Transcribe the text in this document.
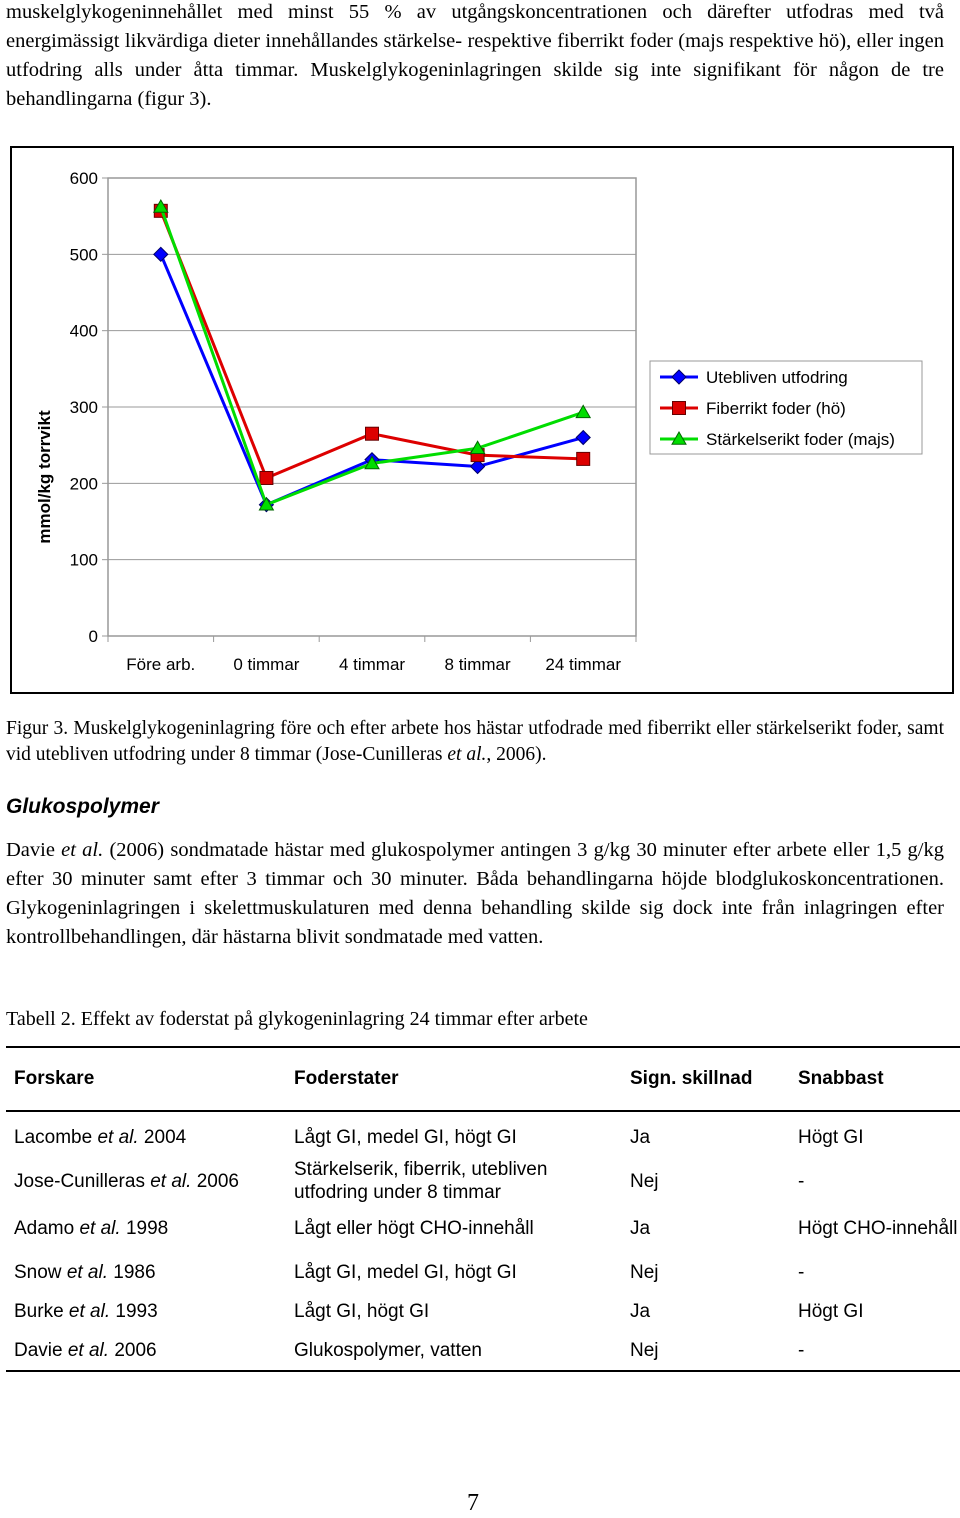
muskelglykogeninnehållet med minst 55 % av utgångskoncentrationen och därefter utfodras med två energimässigt likvärdiga dieter innehållandes stärkelse- respektive fiberrikt foder (majs respektive hö), eller ingen utfodring alls under åtta timmar. Muskelglykogeninlagringen skilde sig inte signifikant för någon de tre behandlingarna (figur 3).

0
100
200
300
400
500
600
Före arb. 0 timmar 4 timmar 8 timmar 24 timmar
mmol/kg torrvikt
Utebliven utfodring
Fiberrikt foder (hö)
Stärkelserikt foder (majs)

Figur 3. Muskelglykogeninlagring före och efter arbete hos hästar utfodrade med fiberrikt eller stärkelserikt foder, samt vid utebliven utfodring under 8 timmar (Jose-Cunilleras et al., 2006).

Glukospolymer

Davie et al. (2006) sondmatade hästar med glukospolymer antingen 3 g/kg 30 minuter efter arbete eller 1,5 g/kg efter 30 minuter samt efter 3 timmar och 30 minuter. Båda behandlingarna höjde blodglukoskoncentrationen. Glykogeninlagringen i skelettmuskulaturen med denna behandling skilde sig dock inte från inlagringen efter kontrollbehandlingen, där hästarna blivit sondmatade med vatten.

Tabell 2. Effekt av foderstat på glykogeninlagring 24 timmar efter arbete

Forskare	Foderstater	Sign. skillnad	Snabbast
Lacombe et al. 2004	Lågt GI, medel GI, högt GI	Ja	Högt GI
Jose-Cunilleras et al. 2006	Stärkelserik, fiberrik, utebliven utfodring under 8 timmar	Nej	-
Adamo et al. 1998	Lågt eller högt CHO-innehåll	Ja	Högt CHO-innehåll
Snow et al. 1986	Lågt GI, medel GI, högt GI	Nej	-
Burke et al. 1993	Lågt GI, högt GI	Ja	Högt GI
Davie et al. 2006	Glukospolymer, vatten	Nej	-

7
